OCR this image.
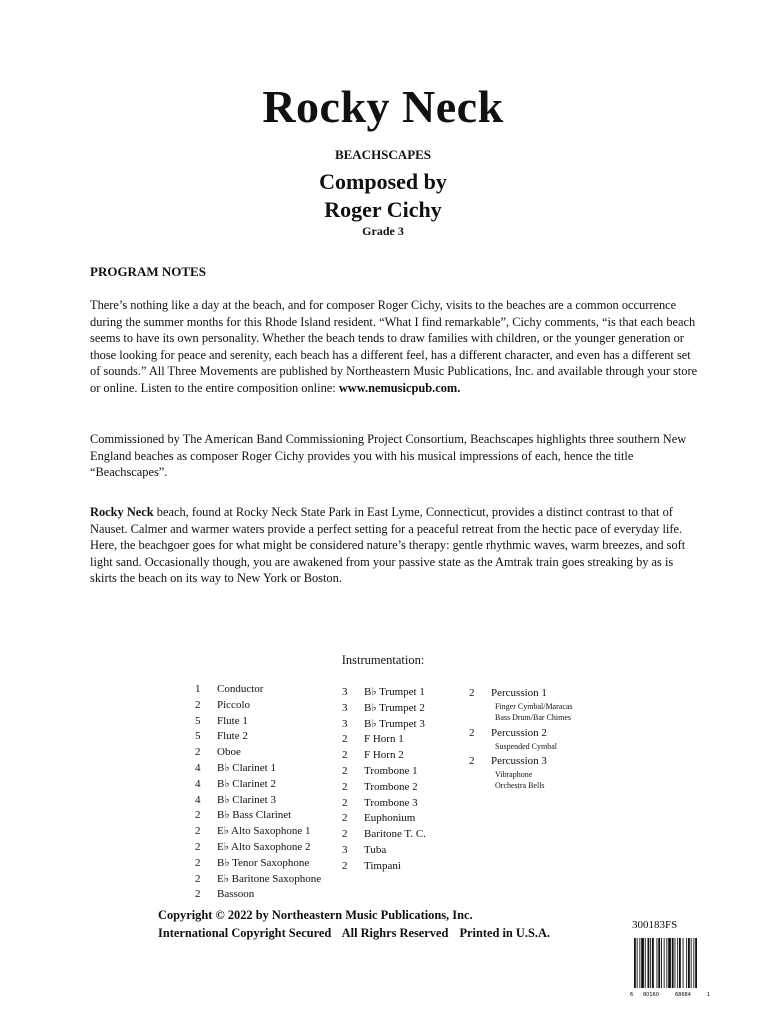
Rocky Neck
BEACHSCAPES
Composed by
Roger Cichy
Grade 3
PROGRAM NOTES
There’s nothing like a day at the beach, and for composer Roger Cichy, visits to the beaches are a common occurrence during the summer months for this Rhode Island resident. “What I find remarkable”, Cichy comments, “is that each beach seems to have its own personality. Whether the beach tends to draw families with children, or the younger generation or those looking for peace and serenity, each beach has a different feel, has a different character, and even has a different set of sounds.” All Three Movements are published by Northeastern Music Publications, Inc. and available through your store or online. Listen to the entire composition online: www.nemusicpub.com.
Commissioned by The American Band Commissioning Project Consortium, Beachscapes highlights three southern New England beaches as composer Roger Cichy provides you with his musical impressions of each, hence the title “Beachscapes”.
Rocky Neck beach, found at Rocky Neck State Park in East Lyme, Connecticut, provides a distinct contrast to that of Nauset. Calmer and warmer waters provide a perfect setting for a peaceful retreat from the hectic pace of everyday life. Here, the beachgoer goes for what might be considered nature’s therapy: gentle rhythmic waves, warm breezes, and soft light sand. Occasionally though, you are awakened from your passive state as the Amtrak train goes streaking by as is skirts the beach on its way to New York or Boston.
Instrumentation:
1	Conductor
2	Piccolo
5	Flute 1
5	Flute 2
2	Oboe
4	B♭ Clarinet 1
4	B♭ Clarinet 2
4	B♭ Clarinet 3
2	B♭ Bass Clarinet
2	E♭ Alto Saxophone 1
2	E♭ Alto Saxophone 2
2	B♭ Tenor Saxophone
2	E♭ Baritone Saxophone
2	Bassoon
3	B♭ Trumpet 1
3	B♭ Trumpet 2
3	B♭ Trumpet 3
2	F Horn 1
2	F Horn 2
2	Trombone 1
2	Trombone 2
2	Trombone 3
2	Euphonium
2	Baritone T. C.
3	Tuba
2	Timpani
2	Percussion 1
Finger Cymbal/Maracas
Bass Drum/Bar Chimes
2	Percussion 2
Suspended Cymbal
2	Percussion 3
Vibraphone
Orchestra Bells
Copyright © 2022 by Northeastern Music Publications, Inc.
International Copyright Secured All Righrs Reserved Printed in U.S.A.
300183FS
6 80160	68684	1
